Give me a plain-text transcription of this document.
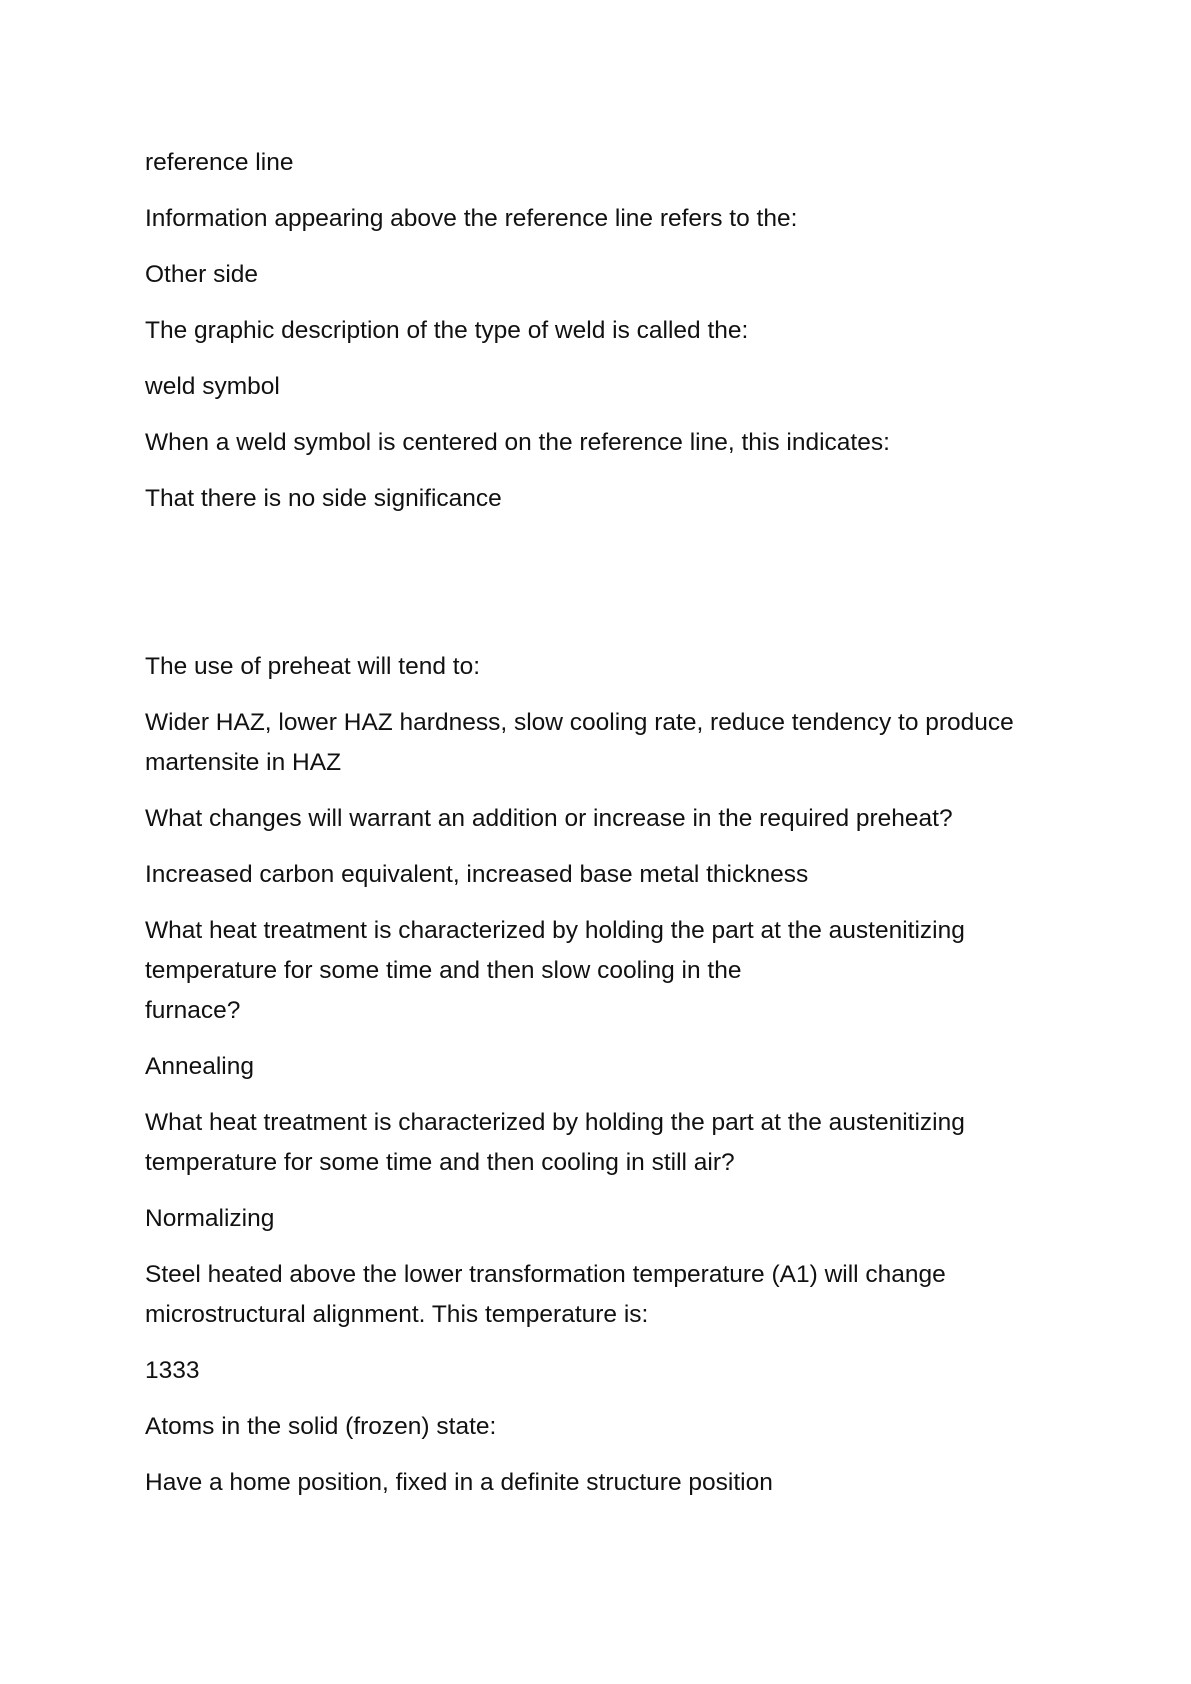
reference line

Information appearing above the reference line refers to the:

Other side

The graphic description of the type of weld is called the:

weld symbol

When a weld symbol is centered on the reference line, this indicates:

That there is no side significance

The use of preheat will tend to:

Wider HAZ, lower HAZ hardness, slow cooling rate, reduce tendency to produce

martensite in HAZ

What changes will warrant an addition or increase in the required preheat?

Increased carbon equivalent, increased base metal thickness

What heat treatment is characterized by holding the part at the austenitizing

temperature for some time and then slow cooling in the

furnace?

Annealing

What heat treatment is characterized by holding the part at the austenitizing

temperature for some time and then cooling in still air?

Normalizing

Steel heated above the lower transformation temperature (A1) will change

microstructural alignment. This temperature is:

1333

Atoms in the solid (frozen) state:

Have a home position, fixed in a definite structure position
